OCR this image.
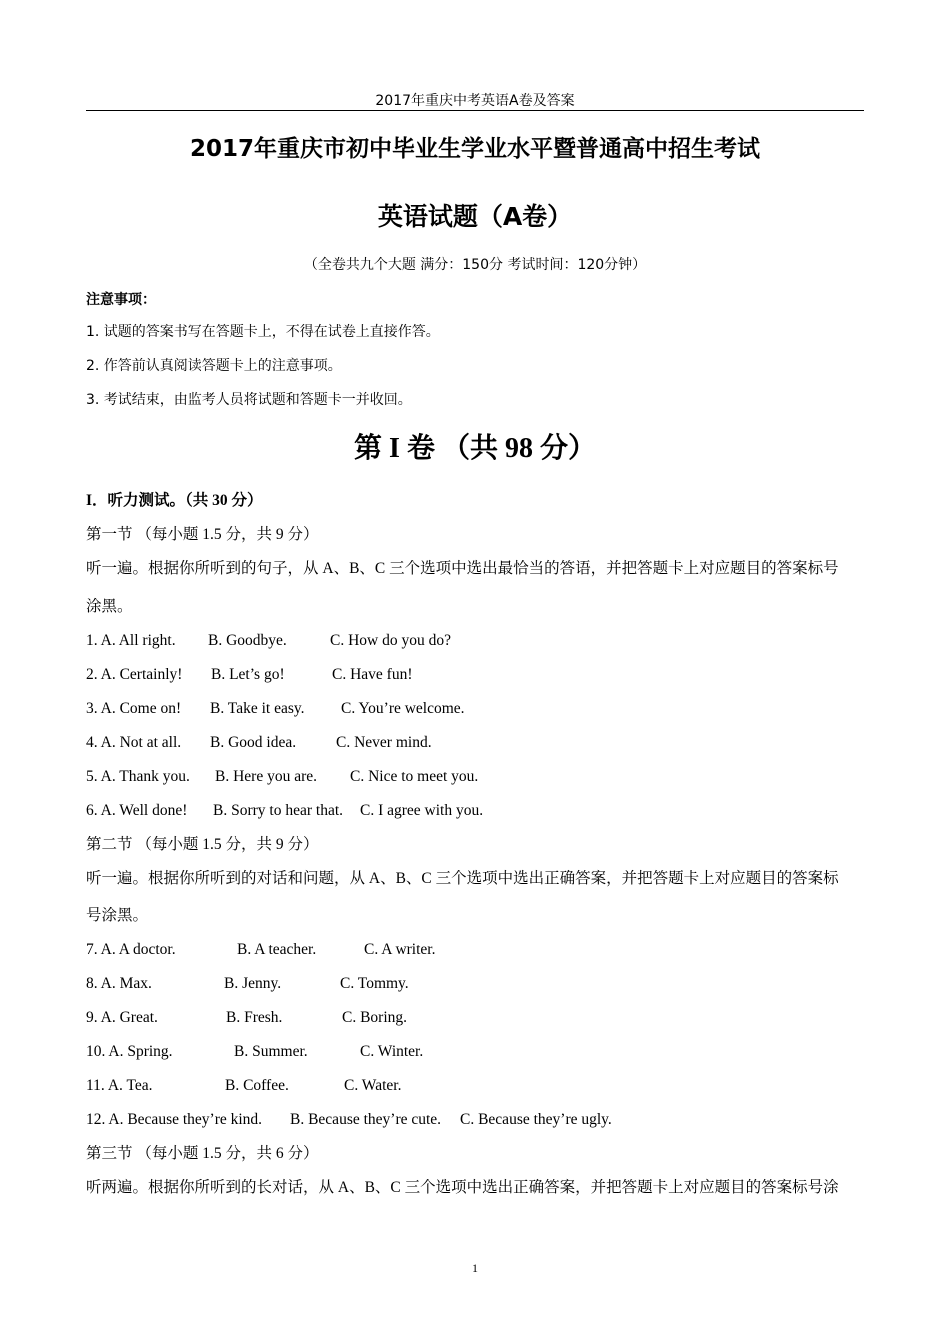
2017年重庆中考英语A卷及答案
2017年重庆市初中毕业生学业水平暨普通高中招生考试
英语试题（A卷）
（全卷共九个大题 满分：150分 考试时间：120分钟）
注意事项：
1. 试题的答案书写在答题卡上，不得在试卷上直接作答。
2. 作答前认真阅读答题卡上的注意事项。
3. 考试结束，由监考人员将试题和答题卡一并收回。
第 I 卷 （共 98 分）
I．听力测试。（共 30 分）
第一节 （每小题 1.5 分，共 9 分）
听一遍。根据你所听到的句子，从 A、B、C 三个选项中选出最恰当的答语，并把答题卡上对应题目的答案标号
涂黑。
1. A. All right. B. Goodbye.	C. How do you do?
2. A. Certainly! B. Let’s go!	C. Have fun!
3. A. Come on! B. Take it easy. C. You’re welcome.
4. A. Not at all. B. Good idea.	C. Never mind.
5. A. Thank you. B. Here you are. C. Nice to meet you.
6. A. Well done! B. Sorry to hear that. C. I agree with you.
第二节 （每小题 1.5 分，共 9 分）
听一遍。根据你所听到的对话和问题，从 A、B、C 三个选项中选出正确答案，并把答题卡上对应题目的答案标
号涂黑。
7. A. A doctor.	B. A teacher.	C. A writer.
8. A. Max.	B. Jenny.	C. Tommy.
9. A. Great.	B. Fresh.	C. Boring.
10. A. Spring.	B. Summer.	C. Winter.
11. A. Tea.	B. Coffee.	C. Water.
12. A. Because they’re kind. B. Because they’re cute. C. Because they’re ugly.
第三节 （每小题 1.5 分，共 6 分）
听两遍。根据你所听到的长对话，从 A、B、C 三个选项中选出正确答案，并把答题卡上对应题目的答案标号涂
1
